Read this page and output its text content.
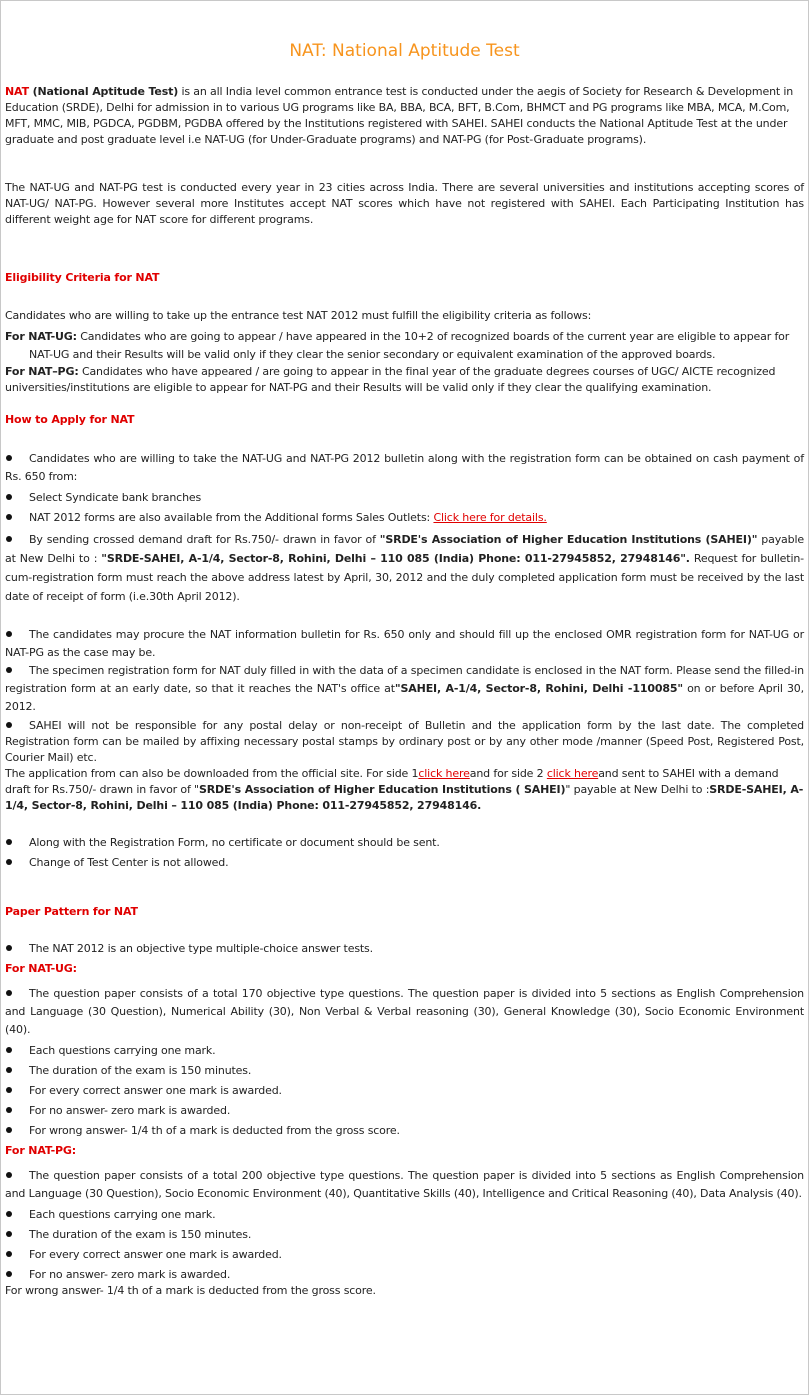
NAT: National Aptitude Test

NAT (National Aptitude Test) is an all India level common entrance test is conducted under the aegis of Society for Research & Development in Education (SRDE), Delhi for admission in to various UG programs like BA, BBA, BCA, BFT, B.Com, BHMCT and PG programs like MBA, MCA, M.Com, MFT, MMC, MIB, PGDCA, PGDBM, PGDBA offered by the Institutions registered with SAHEI. SAHEI conducts the National Aptitude Test at the under graduate and post graduate level i.e NAT-UG (for Under-Graduate programs) and NAT-PG (for Post-Graduate programs).

The NAT-UG and NAT-PG test is conducted every year in 23 cities across India. There are several universities and institutions accepting scores of NAT-UG/ NAT-PG. However several more Institutes accept NAT scores which have not registered with SAHEI. Each Participating Institution has different weight age for NAT score for different programs.

Eligibility Criteria for NAT

Candidates who are willing to take up the entrance test NAT 2012 must fulfill the eligibility criteria as follows:

For NAT-UG: Candidates who are going to appear / have appeared in the 10+2 of recognized boards of the current year are eligible to appear for NAT-UG and their Results will be valid only if they clear the senior secondary or equivalent examination of the approved boards.

For NAT–PG: Candidates who have appeared / are going to appear in the final year of the graduate degrees courses of UGC/ AICTE recognized universities/institutions are eligible to appear for NAT-PG and their Results will be valid only if they clear the qualifying examination.

How to Apply for NAT

Candidates who are willing to take the NAT-UG and NAT-PG 2012 bulletin along with the registration form can be obtained on cash payment of Rs. 650 from:

Select Syndicate bank branches

NAT 2012 forms are also available from the Additional forms Sales Outlets: Click here for details.

By sending crossed demand draft for Rs.750/- drawn in favor of "SRDE's Association of Higher Education Institutions (SAHEI)" payable at New Delhi to : "SRDE-SAHEI, A-1/4, Sector-8, Rohini, Delhi – 110 085 (India) Phone: 011-27945852, 27948146". Request for bulletin-cum-registration form must reach the above address latest by April, 30, 2012 and the duly completed application form must be received by the last date of receipt of form (i.e.30th April 2012).

The candidates may procure the NAT information bulletin for Rs. 650 only and should fill up the enclosed OMR registration form for NAT-UG or NAT-PG as the case may be.

The specimen registration form for NAT duly filled in with the data of a specimen candidate is enclosed in the NAT form. Please send the filled-in registration form at an early date, so that it reaches the NAT's office at"SAHEI, A-1/4, Sector-8, Rohini, Delhi -110085" on or before April 30, 2012.

SAHEI will not be responsible for any postal delay or non-receipt of Bulletin and the application form by the last date. The completed Registration form can be mailed by affixing necessary postal stamps by ordinary post or by any other mode /manner (Speed Post, Registered Post, Courier Mail) etc.

The application from can also be downloaded from the official site. For side 1click hereand for side 2 click hereand sent to SAHEI with a demand draft for Rs.750/- drawn in favor of "SRDE's Association of Higher Education Institutions ( SAHEI)" payable at New Delhi to :SRDE-SAHEI, A-1/4, Sector-8, Rohini, Delhi – 110 085 (India) Phone: 011-27945852, 27948146.

Along with the Registration Form, no certificate or document should be sent.

Change of Test Center is not allowed.

Paper Pattern for NAT

The NAT 2012 is an objective type multiple-choice answer tests.

For NAT-UG:

The question paper consists of a total 170 objective type questions. The question paper is divided into 5 sections as English Comprehension and Language (30 Question), Numerical Ability (30), Non Verbal & Verbal reasoning (30), General Knowledge (30), Socio Economic Environment (40).

Each questions carrying one mark.

The duration of the exam is 150 minutes.

For every correct answer one mark is awarded.

For no answer- zero mark is awarded.

For wrong answer- 1/4 th of a mark is deducted from the gross score.

For NAT-PG:

The question paper consists of a total 200 objective type questions. The question paper is divided into 5 sections as English Comprehension and Language (30 Question), Socio Economic Environment (40), Quantitative Skills (40), Intelligence and Critical Reasoning (40), Data Analysis (40).

Each questions carrying one mark.

The duration of the exam is 150 minutes.

For every correct answer one mark is awarded.

For no answer- zero mark is awarded.

For wrong answer- 1/4 th of a mark is deducted from the gross score.
